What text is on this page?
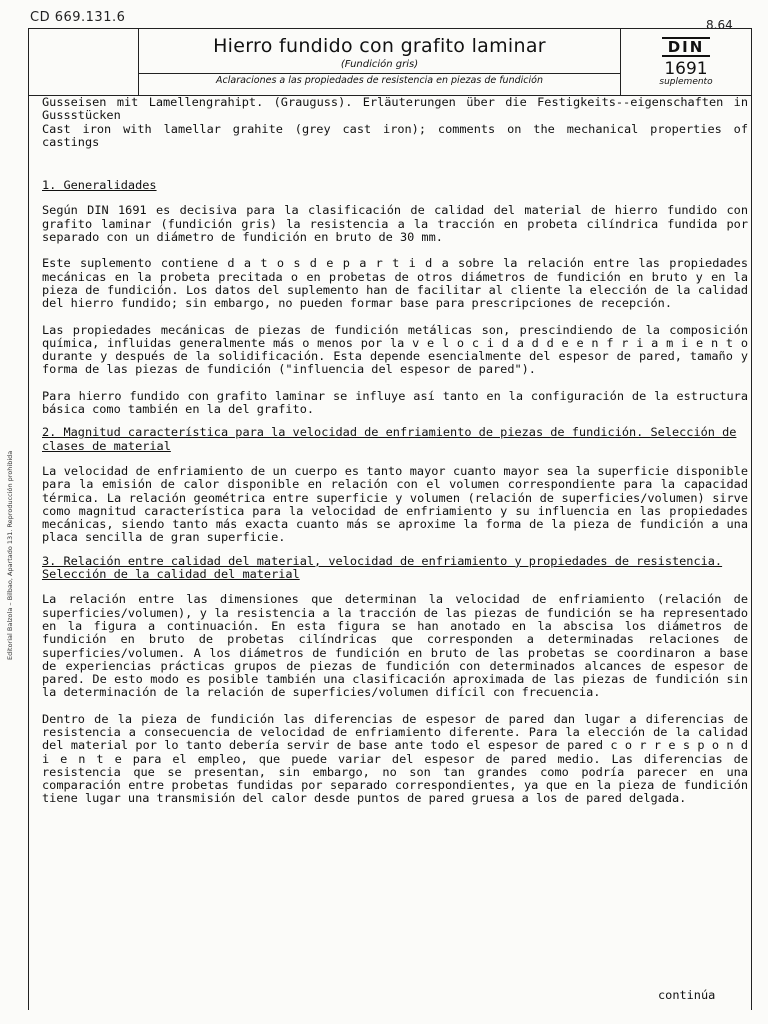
CD 669.131.6	8.64
Hierro fundido con grafito laminar
(Fundición gris)
Aclaraciones a las propiedades de resistencia en piezas de fundición
DIN
1691
suplemento
Editorial Balzola – Bilbao, Apartado 131. Reproducción prohibida

Gusseisen mit Lamellengrahipt. (Grauguss). Erläuterungen über die Festigkeits--eigenschaften in Gussstücken

Cast iron with lamellar grahite (grey cast iron); comments on the mechanical properties of castings

1. Generalidades

Según DIN 1691 es decisiva para la clasificación de calidad del material de hierro fundido con grafito laminar (fundición gris) la resistencia a la tracción en probeta cilíndrica fundida por separado con un diámetro de fundición en bruto de 30 mm.

Este suplemento contiene d a t o s d e p a r t i d a sobre la relación entre las propiedades mecánicas en la probeta precitada o en probetas de otros diámetros de fundición en bruto y en la pieza de fundición. Los datos del suplemento han de facilitar al cliente la elección de la calidad del hierro fundido; sin embargo, no pueden formar base para prescripciones de recepción.

Las propiedades mecánicas de piezas de fundición metálicas son, prescindiendo de la composición química, influidas generalmente más o menos por la v e l o c i d a d d e e n f r i a m i e n t o durante y después de la solidificación. Esta depende esencialmente del espesor de pared, tamaño y forma de las piezas de fundición ("influencia del espesor de pared").

Para hierro fundido con grafito laminar se influye así tanto en la configuración de la estructura básica como también en la del grafito.

2. Magnitud característica para la velocidad de enfriamiento de piezas de fundición. Selección de clases de material

La velocidad de enfriamiento de un cuerpo es tanto mayor cuanto mayor sea la superficie disponible para la emisión de calor disponible en relación con el volumen correspondiente para la capacidad térmica. La relación geométrica entre superficie y volumen (relación de superficies/volumen) sirve como magnitud característica para la velocidad de enfriamiento y su influencia en las propiedades mecánicas, siendo tanto más exacta cuanto más se aproxime la forma de la pieza de fundición a una placa sencilla de gran superficie.

3. Relación entre calidad del material, velocidad de enfriamiento y propiedades de resistencia. Selección de la calidad del material

La relación entre las dimensiones que determinan la velocidad de enfriamiento (relación de superficies/volumen), y la resistencia a la tracción de las piezas de fundición se ha representado en la figura a continuación. En esta figura se han anotado en la abscisa los diámetros de fundición en bruto de probetas cilíndricas que corresponden a determinadas relaciones de superficies/volumen. A los diámetros de fundición en bruto de las probetas se coordinaron a base de experiencias prácticas grupos de piezas de fundición con determinados alcances de espesor de pared. De esto modo es posible también una clasificación aproximada de las piezas de fundición sin la determinación de la relación de superficies/volumen difícil con frecuencia.

Dentro de la pieza de fundición las diferencias de espesor de pared dan lugar a diferencias de resistencia a consecuencia de velocidad de enfriamiento diferente. Para la elección de la calidad del material por lo tanto debería servir de base ante todo el espesor de pared c o r r e s p o n d i e n t e para el empleo, que puede variar del espesor de pared medio. Las diferencias de resistencia que se presentan, sin embargo, no son tan grandes como podría parecer en una comparación entre probetas fundidas por separado correspondientes, ya que en la pieza de fundición tiene lugar una transmisión del calor desde puntos de pared gruesa a los de pared delgada.

continúa
